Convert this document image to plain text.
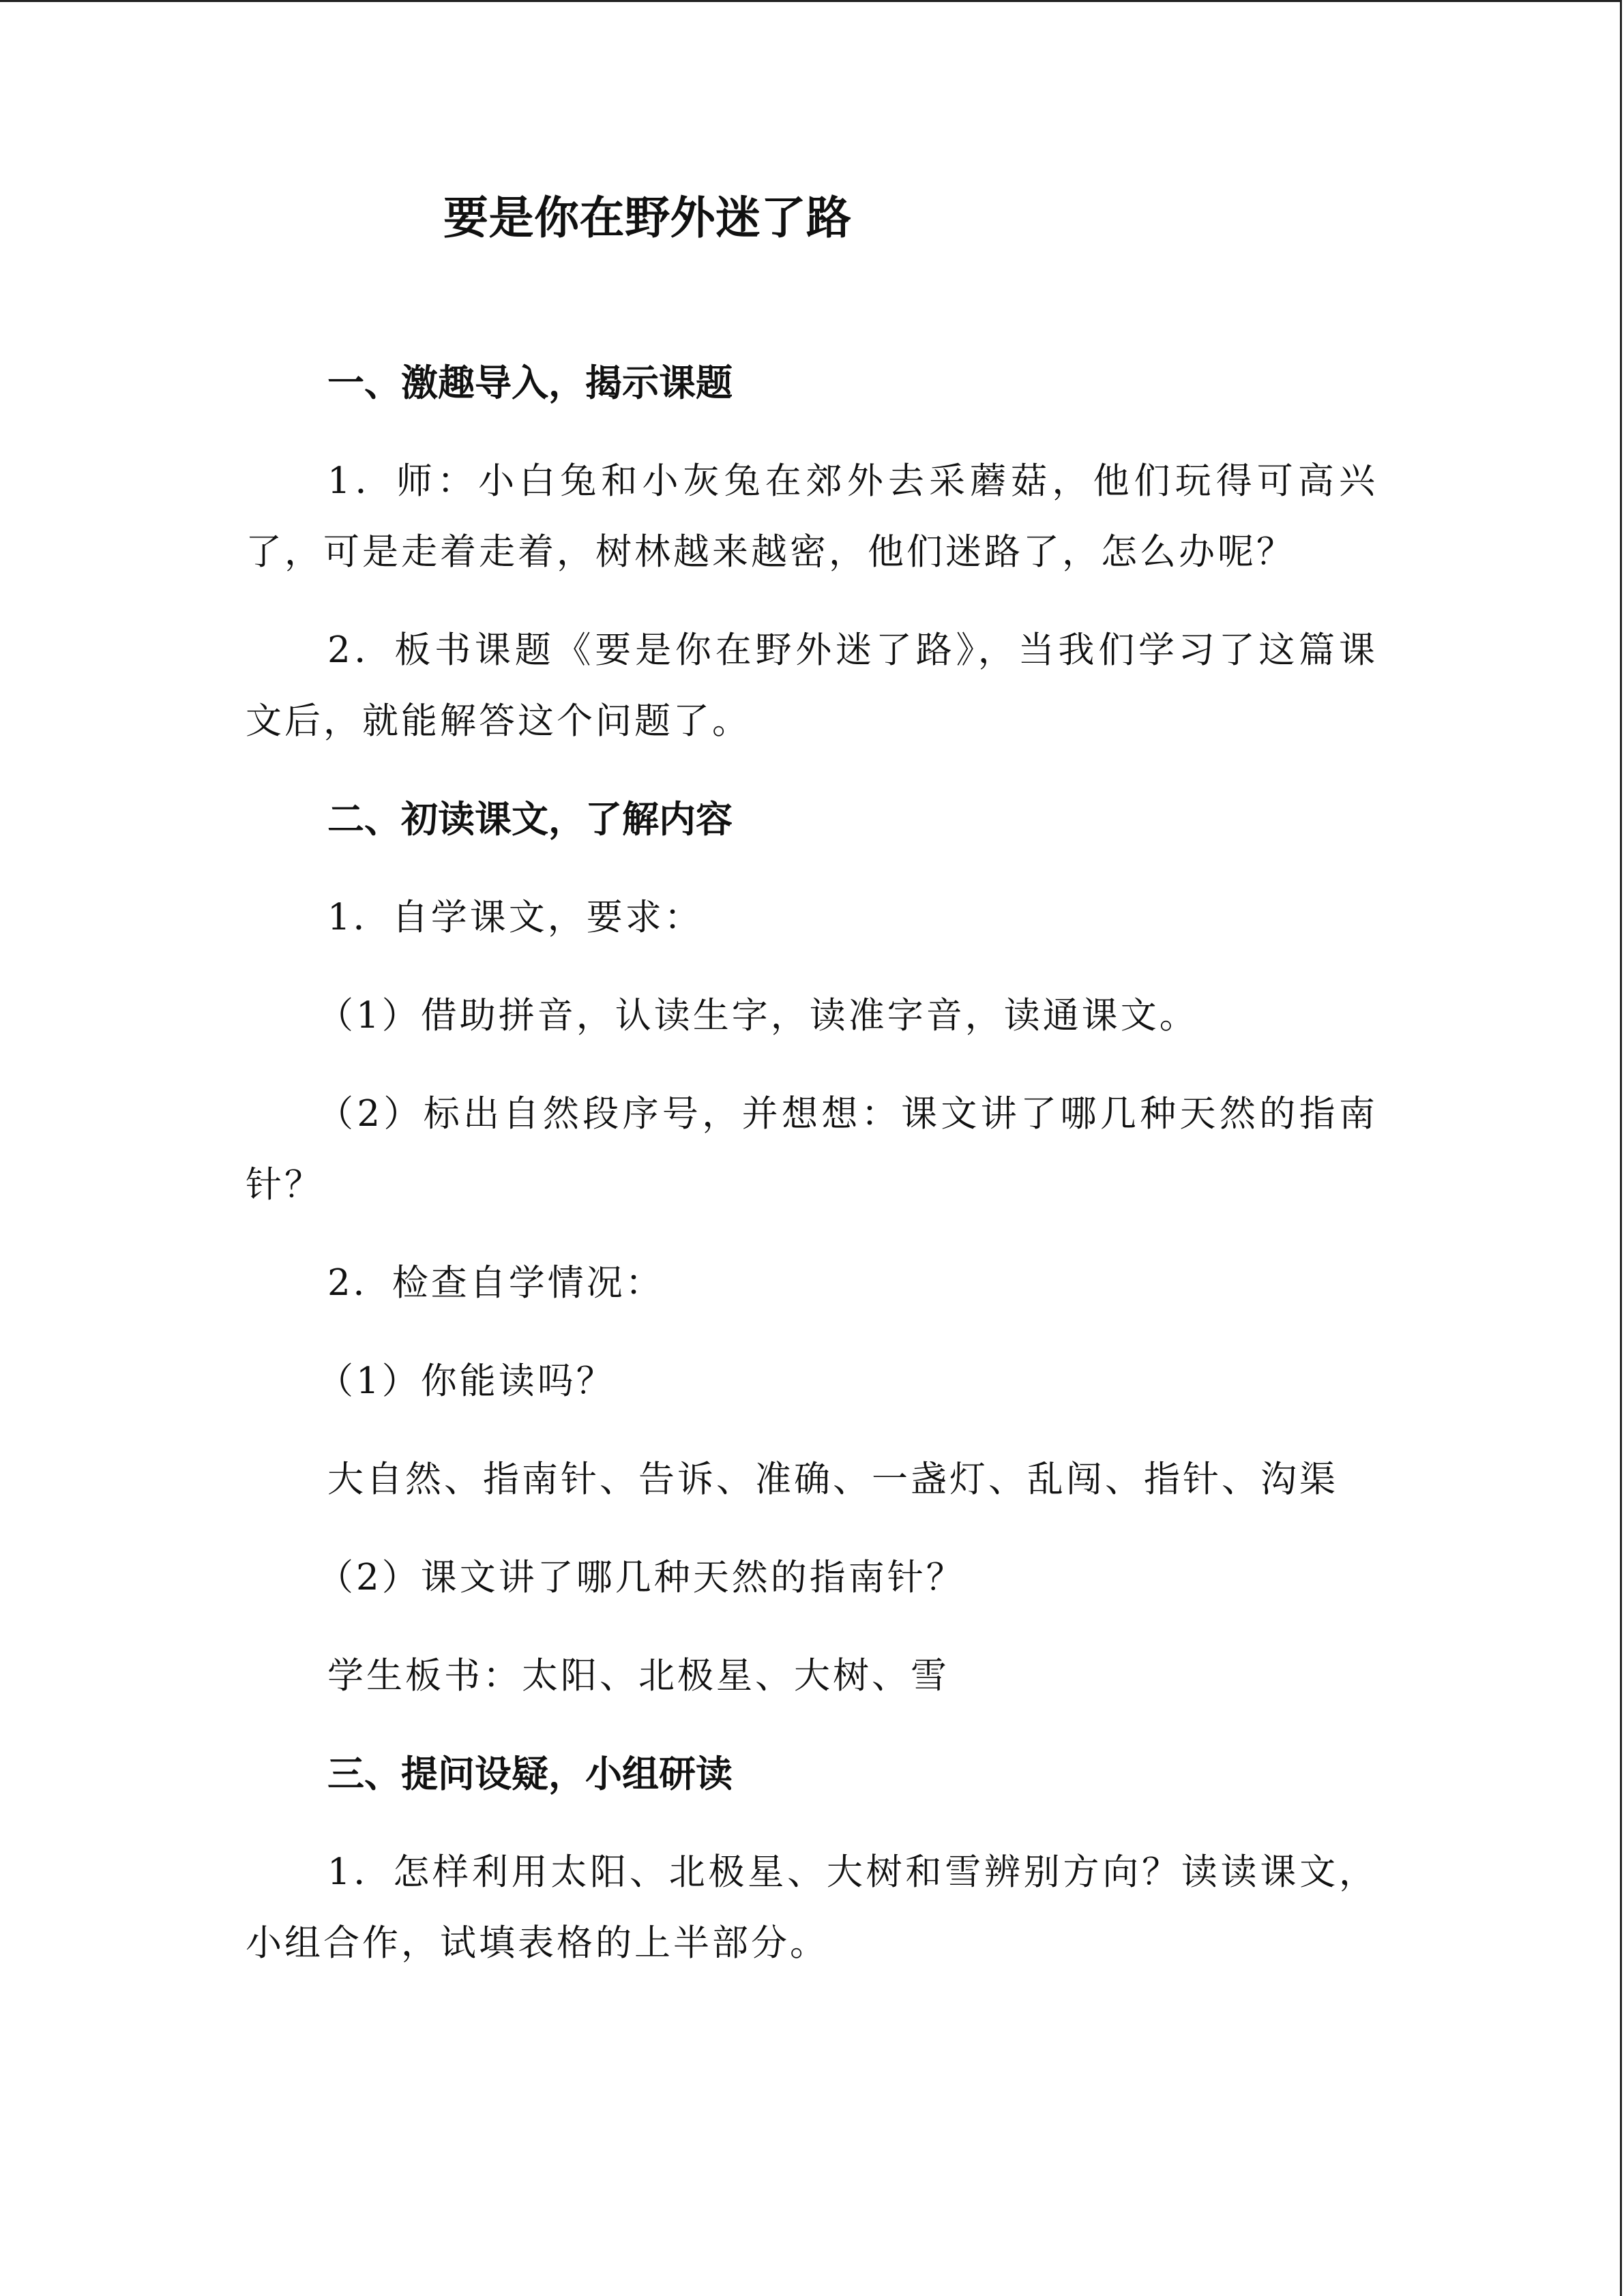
要是你在野外迷了路
一、激趣导入，揭示课题

1．师：小白兔和小灰兔在郊外去采蘑菇，他们玩得可高兴了，可是走着走着，树林越来越密，他们迷路了，怎么办呢？

2．板书课题《要是你在野外迷了路》，当我们学习了这篇课文后，就能解答这个问题了。

二、初读课文，了解内容

1．自学课文，要求：

（1）借助拼音，认读生字，读准字音，读通课文。

（2）标出自然段序号，并想想：课文讲了哪几种天然的指南针？

2．检查自学情况：

（1）你能读吗？

大自然、指南针、告诉、准确、一盏灯、乱闯、指针、沟渠

（2）课文讲了哪几种天然的指南针？

学生板书：太阳、北极星、大树、雪

三、提问设疑，小组研读

1．怎样利用太阳、北极星、大树和雪辨别方向？读读课文，小组合作，试填表格的上半部分。
